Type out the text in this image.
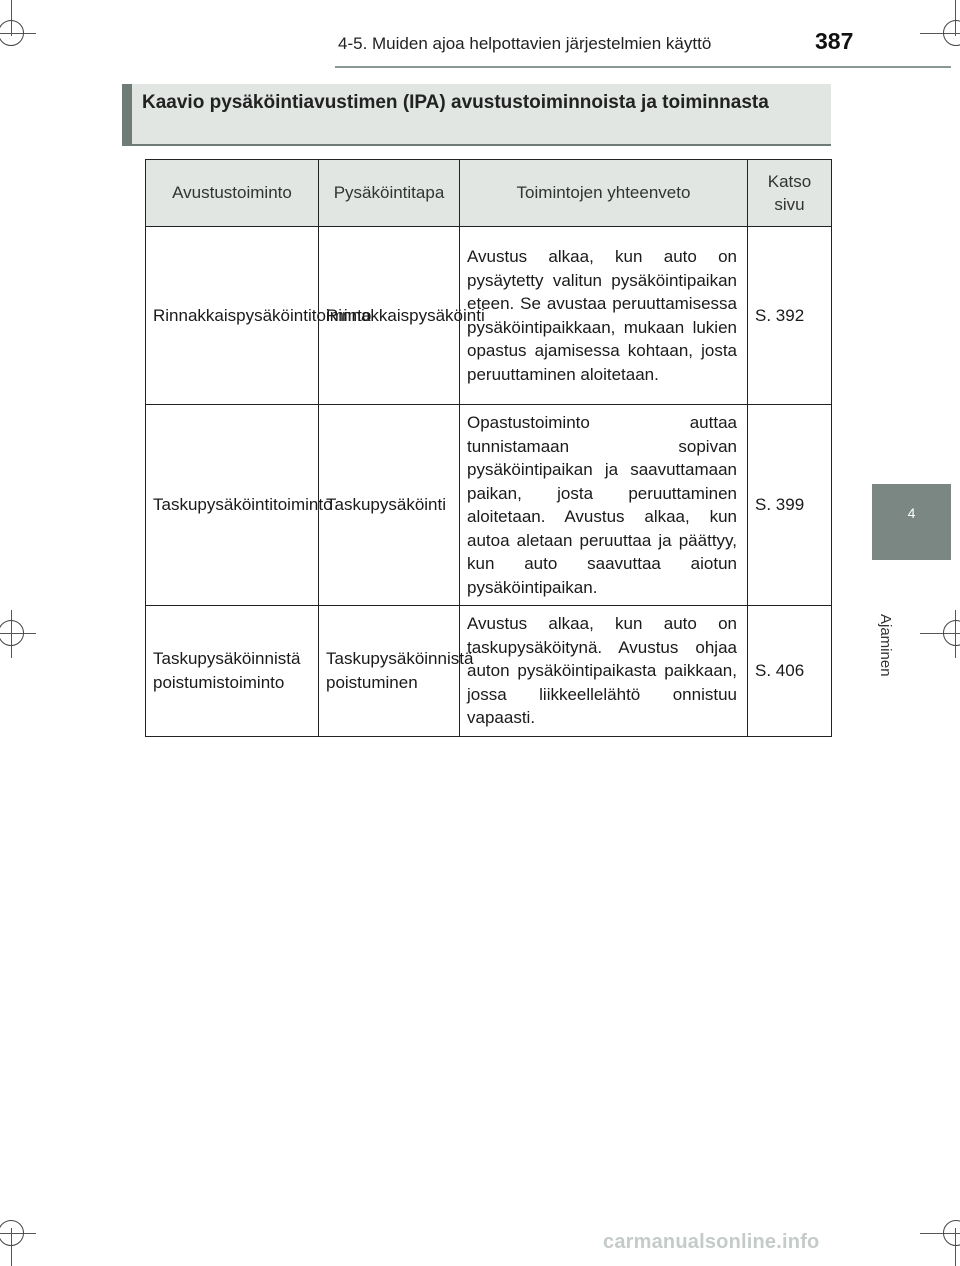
4-5. Muiden ajoa helpottavien järjestelmien käyttö	387
4
Ajaminen
Kaavio pysäköintiavustimen (IPA) avustustoiminnoista ja toiminnasta
Avustustoiminto	Pysäköintitapa	Toimintojen yhteenveto	Katso sivu
Rinnakkaispysäköintitoiminto	Rinnakkaispysäköinti	Avustus alkaa, kun auto on pysäytetty valitun pysäköintipaikan eteen. Se avustaa peruuttamisessa pysäköintipaikkaan, mukaan lukien opastus ajamisessa kohtaan, josta peruuttaminen aloitetaan.	S. 392
Taskupysäköintitoiminto	Taskupysäköinti	Opastustoiminto auttaa tunnistamaan sopivan pysäköintipaikan ja saavuttamaan paikan, josta peruuttaminen aloitetaan. Avustus alkaa, kun autoa aletaan peruuttaa ja päättyy, kun auto saavuttaa aiotun pysäköintipaikan.	S. 399
Taskupysäköinnistä poistumistoiminto	Taskupysäköinnistä poistuminen	Avustus alkaa, kun auto on taskupysäköitynä. Avustus ohjaa auton pysäköintipaikasta paikkaan, jossa liikkeellelähtö onnistuu vapaasti.	S. 406
carmanualsonline.info
